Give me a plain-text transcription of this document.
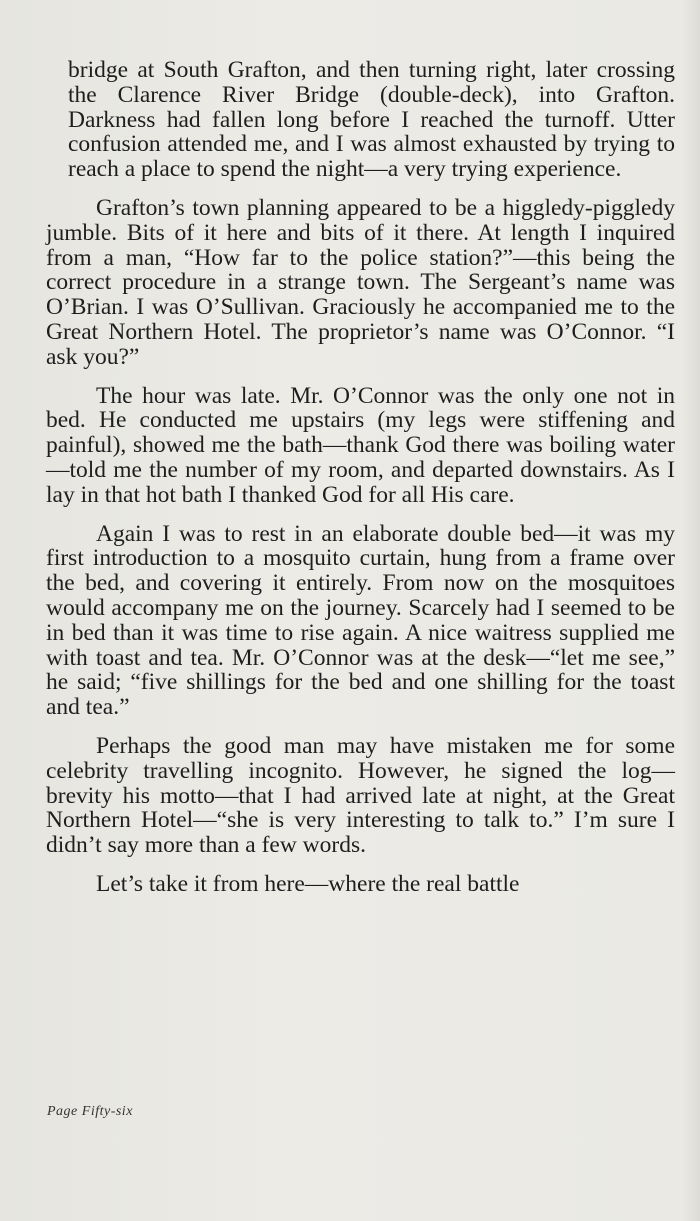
bridge at South Grafton, and then turning right, later crossing the Clarence River Bridge (double-deck), into Grafton. Darkness had fallen long before I reached the turnoff. Utter confusion attended me, and I was almost exhausted by trying to reach a place to spend the night—a very trying experience.

Grafton’s town planning appeared to be a higgledy-piggledy jumble. Bits of it here and bits of it there. At length I inquired from a man, “How far to the police station?”—this being the correct procedure in a strange town. The Sergeant’s name was O’Brian. I was O’Sullivan. Graciously he accompanied me to the Great Northern Hotel. The proprietor’s name was O’Connor. “I ask you?”

The hour was late. Mr. O’Connor was the only one not in bed. He conducted me upstairs (my legs were stiffening and painful), showed me the bath—thank God there was boiling water—told me the number of my room, and departed downstairs. As I lay in that hot bath I thanked God for all His care.

Again I was to rest in an elaborate double bed—it was my first introduction to a mosquito curtain, hung from a frame over the bed, and covering it entirely. From now on the mosquitoes would accompany me on the journey. Scarcely had I seemed to be in bed than it was time to rise again. A nice waitress supplied me with toast and tea. Mr. O’Connor was at the desk—“let me see,” he said; “five shillings for the bed and one shilling for the toast and tea.”

Perhaps the good man may have mistaken me for some celebrity travelling incognito. However, he signed the log—brevity his motto—that I had arrived late at night, at the Great Northern Hotel—“she is very interesting to talk to.” I’m sure I didn’t say more than a few words.

Let’s take it from here—where the real battle

Page Fifty-six
